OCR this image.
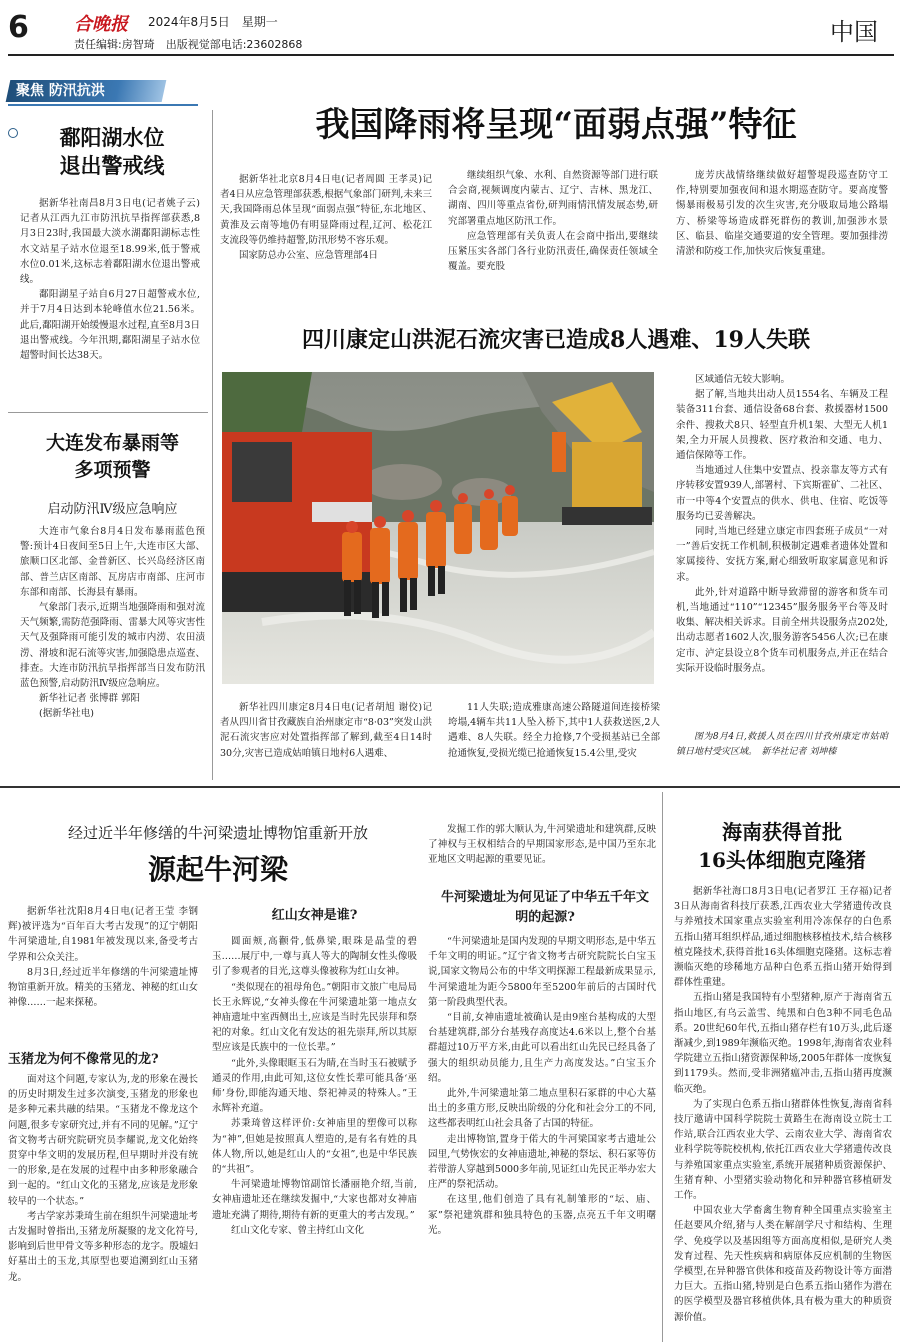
6	合晚报 2024年8月5日　星期一
责任编辑:房智琦　出版视觉部电话:23602868	中国
聚焦 防汛抗洪
鄱阳湖水位
退出警戒线

据新华社南昌8月3日电(记者姚子云)记者从江西九江市防汛抗旱指挥部获悉,8月3日23时,我国最大淡水湖鄱阳湖标志性水文站星子站水位退至18.99米,低于警戒水位0.01米,这标志着鄱阳湖水位退出警戒线。

鄱阳湖星子站自6月27日超警戒水位,并于7月4日达到本轮峰值水位21.56米。此后,鄱阳湖开始缓慢退水过程,直至8月3日退出警戒线。今年汛期,鄱阳湖星子站水位超警时间长达38天。

大连发布暴雨等
多项预警
启动防汛Ⅳ级应急响应

大连市气象台8月4日发布暴雨蓝色预警:预计4日夜间至5日上午,大连市区大部、旅顺口区北部、金普新区、长兴岛经济区南部、普兰店区南部、瓦房店市南部、庄河市东部和南部、长海县有暴雨。

气象部门表示,近期当地强降雨和强对流天气频繁,需防范强降雨、雷暴大风等灾害性天气及强降雨可能引发的城市内涝、农田渍涝、滑坡和泥石流等灾害,加强隐患点巡查、排查。大连市防汛抗旱指挥部当日发布防汛蓝色预警,启动防汛Ⅳ级应急响应。

新华社记者 张博群 郭阳

(据新华社电)

我国降雨将呈现“面弱点强”特征

据新华社北京8月4日电(记者周圆 王孝灵)记者4日从应急管理部获悉,根据气象部门研判,未来三天,我国降雨总体呈现“面弱点强”特征,东北地区、黄淮及云南等地仍有明显降雨过程,辽河、松花江支流段等仍维持超警,防汛形势不容乐观。

国家防总办公室、应急管理部4日

继续组织气象、水利、自然资源等部门进行联合会商,视频调度内蒙古、辽宁、吉林、黑龙江、湖南、四川等重点省份,研判雨情汛情发展态势,研究部署重点地区防汛工作。

应急管理部有关负责人在会商中指出,要继续压紧压实各部门各行业防汛责任,确保责任领域全覆盖。要充股

庞芳庆战情络继续做好超警堤段巡查防守工作,特别要加强夜间和退水期巡查防守。要高度警惕暴雨极易引发的次生灾害,充分吸取局地公路塌方、桥梁等场造成群死群伤的教训,加强涉水景区、临县、临崖交通要道的安全管理。要加强排涝清淤和防疫工作,加快灾后恢复重建。

四川康定山洪泥石流灾害已造成8人遇难、19人失联

区域通信无较大影响。

据了解,当地共出动人员1554名、车辆及工程装备311台套、通信设备68台套、救援器材1500余件、搜救犬8只、轻型直升机1架、大型无人机1架,全力开展人员搜救、医疗救治和交通、电力、通信保障等工作。

当地通过人住集中安置点、投亲靠友等方式有序转移安置939人,部署村、下宾斯霍矿、二社区、市一中等4个安置点的供水、供电、住宿、吃饭等服务均已妥善解决。

同时,当地已经建立康定市四套班子成员“一对一”善后安抚工作机制,积极制定遇难者遗体处置和家属接待、安抚方案,耐心细致听取家属意见和诉求。

此外,针对道路中断导致滞留的游客和货车司机,当地通过“110”“12345”服务服务平台等及时收集、解决相关诉求。目前全州共设服务点202处,出动志愿者1602人次,服务游客5456人次;已在康定市、泸定县设立8个货车司机服务点,并正在结合实际开设临时服务点。

新华社四川康定8月4日电(记者胡旭 谢佼)记者从四川省甘孜藏族自治州康定市“8·03”突发山洪泥石流灾害应对处置指挥部了解到,截至4日14时30分,灾害已造成姑咱镇日地村6人遇难、

11人失联;造成雅康高速公路隧道间连接桥梁垮塌,4辆车共11人坠入桥下,其中1人获救送医,2人遇难、8人失联。经全力抢修,7个受损基站已全部抢通恢复,受损光缆已抢通恢复15.4公里,受灾

图为8月4日,救援人员在四川甘孜州康定市姑咱镇日地村受灾区域。　新华社记者 刘坤榛
经过近半年修缮的牛河梁遗址博物馆重新开放
源起牛河梁

据新华社沈阳8月4日电(记者王莹 李钢辉)被评选为“百年百大考古发现”的辽宁朝阳牛河梁遗址,自1981年被发现以来,备受考古学界和公众关注。

8月3日,经过近半年修缮的牛河梁遗址博物馆重新开放。精美的玉猪龙、神秘的红山女神像……一起来探秘。

玉猪龙为何不像常见的龙?

面对这个问题,专家认为,龙的形象在漫长的历史时期发生过多次演变,玉猪龙的形象也是多种元素共融的结果。“玉猪龙不像龙这个问题,很多专家研究过,并有不同的见解。”辽宁省文物考古研究院研究员李耀说,龙文化始终贯穿中华文明的发展历程,但早期时并没有统一的形象,是在发展的过程中由多种形象融合到一起的。“红山文化的玉猪龙,应该是龙形象较早的一个状态。”

考古学家苏秉琦生前在组织牛河梁遗址考古发掘时曾指出,玉猪龙所凝聚的龙文化符号,影响到后世甲骨文等多种形态的龙字。殷墟妇好墓出土的玉龙,其原型也要追溯到红山玉猪龙。

红山女神是谁?

圆面颊,高颧骨,低鼻梁,眼珠是晶莹的碧玉……展厅中,一尊与真人等大的陶制女性头像吸引了参观者的目光,这尊头像被称为红山女神。

“类似现在的祖母角色。”朝阳市文旅广电局局长王永辉说,“女神头像在牛河梁遗址第一地点女神庙遗址中室西侧出土,应该是当时先民崇拜和祭祀的对象。红山文化有发达的祖先崇拜,所以其原型应该是氏族中的一位长辈。”

“此外,头像眼眶玉石为睛,在当时玉石被赋予通灵的作用,由此可知,这位女性长辈可能具备‘巫师’身份,即能沟通天地、祭祀神灵的特殊人。”王永辉补充道。

苏秉琦曾这样评价:女神庙里的塑像可以称为“神”,但她是按照真人塑造的,是有名有姓的具体人物,所以,她是红山人的“女祖”,也是中华民族的“共祖”。

牛河梁遗址博物馆副馆长潘丽艳介绍,当前,女神庙遗址还在继续发掘中,“大家也都对女神庙遗址充满了期待,期待有新的更重大的考古发现。”

红山文化专家、曾主持红山文化

发掘工作的郭大顺认为,牛河梁遗址和建筑群,反映了神权与王权相结合的早期国家形态,是中国乃至东北亚地区文明起源的重要见证。

牛河梁遗址为何见证了中华五千年文明的起源?

“牛河梁遗址是国内发现的早期文明形态,是中华五千年文明的明证。”辽宁省文物考古研究院院长白宝玉说,国家文物局公布的中华文明探源工程最新成果显示,牛河梁遗址为距今5800年至5200年前后的古国时代第一阶段典型代表。

“目前,女神庙遗址被确认是由9座台基构成的大型台基建筑群,部分台基残存高度达4.6米以上,整个台基群超过10万平方米,由此可以看出红山先民已经具备了强大的组织动员能力,且生产力高度发达。”白宝玉介绍。

此外,牛河梁遗址第二地点里积石冢群的中心大墓出土的多重方形,反映出阶级的分化和社会分工的不同,这些都表明红山社会具备了古国的特征。

走出博物馆,置身于偌大的牛河梁国家考古遗址公园里,气势恢宏的女神庙遗址,神秘的祭坛、积石冢等仿若带游人穿越到5000多年前,见证红山先民正举办宏大庄严的祭祀活动。

在这里,他们创造了具有礼制雏形的“坛、庙、冢”祭祀建筑群和独具特色的玉器,点亮五千年文明曙光。

海南获得首批
16头体细胞克隆猪

据新华社海口8月3日电(记者罗江 王存福)记者3日从海南省科技厅获悉,江西农业大学猪遗传改良与养殖技术国家重点实验室利用冷冻保存的白色系五指山猪耳组织样品,通过细胞核移植技术,结合核移植克隆技术,获得首批16头体细胞克隆猪。这标志着濒临灭绝的珍稀地方品种白色系五指山猪开始得到群体性重建。

五指山猪是我国特有小型猪种,原产于海南省五指山地区,有乌云盖雪、纯黑和白色3种不同毛色品系。20世纪60年代,五指山猪存栏有10万头,此后逐渐减少,到1989年濒临灭绝。1998年,海南省农业科学院建立五指山猪资源保种场,2005年群体一度恢复到1179头。然而,受非洲猪瘟冲击,五指山猪再度濒临灭绝。

为了实现白色系五指山猪群体性恢复,海南省科技厅邀请中国科学院院士黄路生在海南设立院士工作站,联合江西农业大学、云南农业大学、海南省农业科学院等院校机构,依托江西农业大学猪遗传改良与养殖国家重点实验室,系统开展猪种质资源保护、生猪育种、小型猪实验动物化和异种器官移植研发工作。

中国农业大学畜禽生物育种全国重点实验室主任赵要风介绍,猪与人类在解剖学尺寸和结构、生理学、免疫学以及基因组等方面高度相似,是研究人类发育过程、先天性疾病和病原体反应机制的生物医学模型,在异种器官供体和疫苗及药物设计等方面潜力巨大。五指山猪,特别是白色系五指山猪作为潜在的医学模型及器官移植供体,具有极为重大的种质资源价值。
